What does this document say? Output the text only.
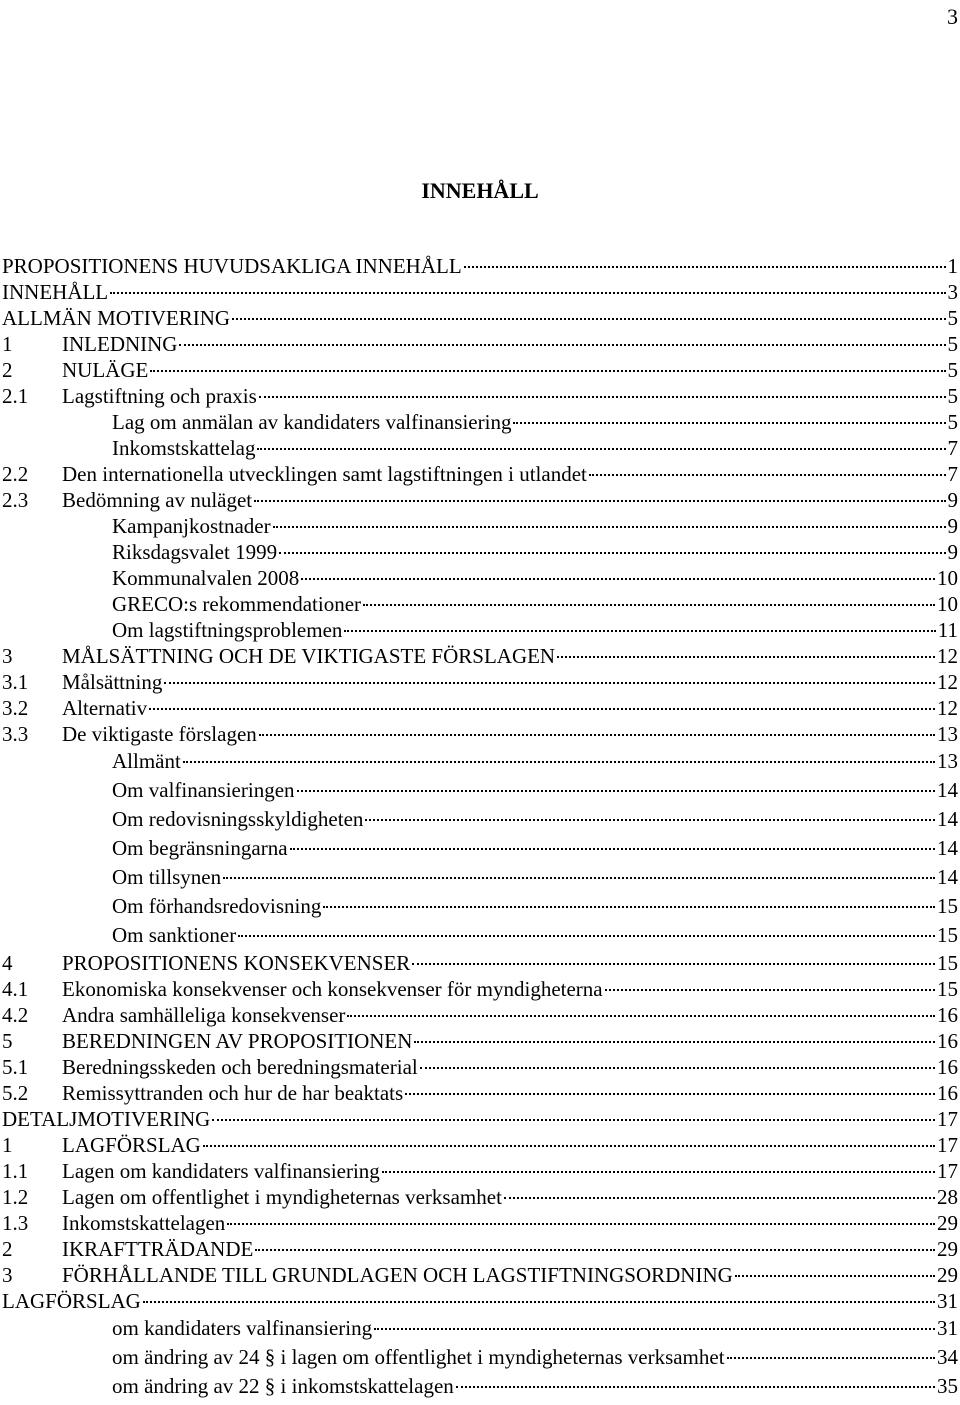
3
INNEHÅLL
PROPOSITIONENS HUVUDSAKLIGA INNEHÅLL	1
INNEHÅLL	3
ALLMÄN MOTIVERING	5
1	INLEDNING	5
2	NULÄGE	5
2.1	Lagstiftning och praxis	5
Lag om anmälan av kandidaters valfinansiering	5
Inkomstskattelag	7
2.2	Den internationella utvecklingen samt lagstiftningen i utlandet	7
2.3	Bedömning av nuläget	9
Kampanjkostnader	9
Riksdagsvalet 1999	9
Kommunalvalen 2008	10
GRECO:s rekommendationer	10
Om lagstiftningsproblemen	11
3	MÅLSÄTTNING OCH DE VIKTIGASTE FÖRSLAGEN	12
3.1	Målsättning	12
3.2	Alternativ	12
3.3	De viktigaste förslagen	13
Allmänt	13
Om valfinansieringen	14
Om redovisningsskyldigheten	14
Om begränsningarna	14
Om tillsynen	14
Om förhandsredovisning	15
Om sanktioner	15
4	PROPOSITIONENS KONSEKVENSER	15
4.1	Ekonomiska konsekvenser och konsekvenser för myndigheterna	15
4.2	Andra samhälleliga konsekvenser	16
5	BEREDNINGEN AV PROPOSITIONEN	16
5.1	Beredningsskeden och beredningsmaterial	16
5.2	Remissyttranden och hur de har beaktats	16
DETALJMOTIVERING	17
1	LAGFÖRSLAG	17
1.1	Lagen om kandidaters valfinansiering	17
1.2	Lagen om offentlighet i myndigheternas verksamhet	28
1.3	Inkomstskattelagen	29
2	IKRAFTTRÄDANDE	29
3	FÖRHÅLLANDE TILL GRUNDLAGEN OCH LAGSTIFTNINGSORDNING	29
LAGFÖRSLAG	31
om kandidaters valfinansiering	31
om ändring av 24 § i lagen om offentlighet i myndigheternas verksamhet	34
om ändring av 22 § i inkomstskattelagen	35
